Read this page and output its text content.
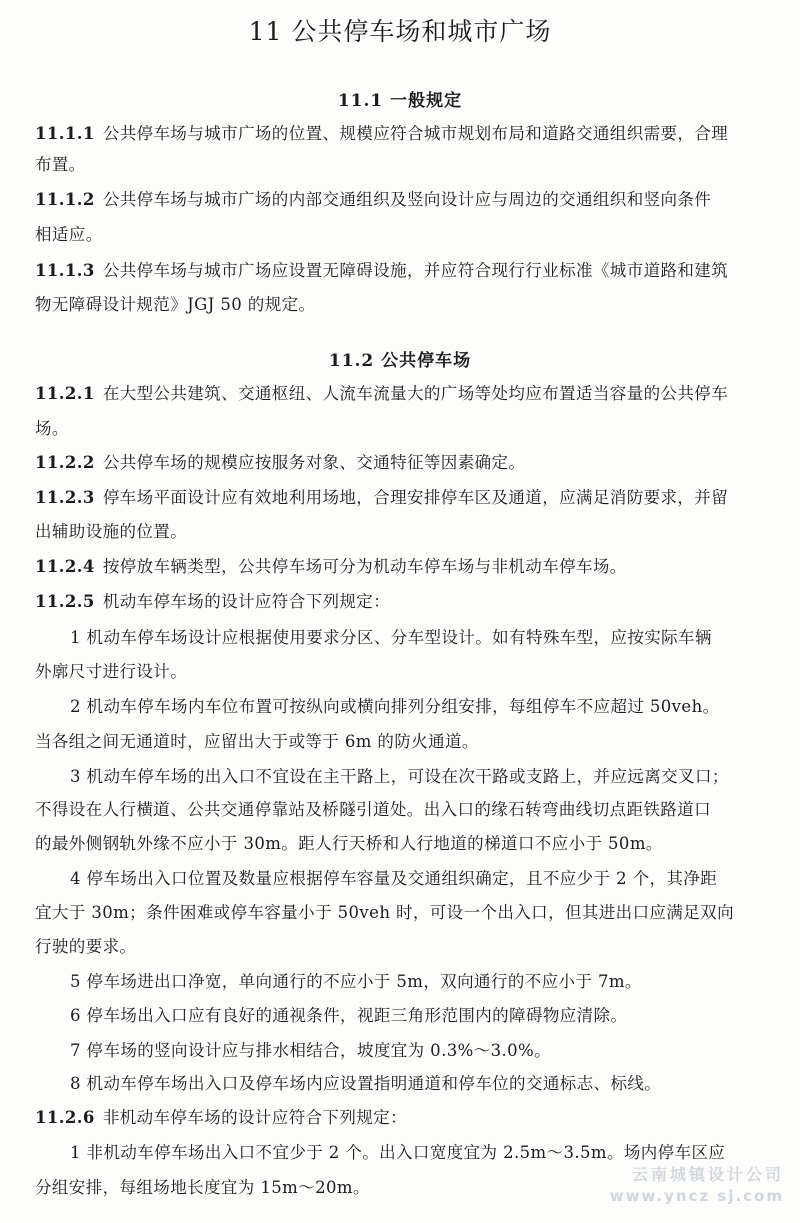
11 公共停车场和城市广场
11.1 一般规定
11.1.1 公共停车场与城市广场的位置、规模应符合城市规划布局和道路交通组织需要，合理
布置。
11.1.2 公共停车场与城市广场的内部交通组织及竖向设计应与周边的交通组织和竖向条件
相适应。
11.1.3 公共停车场与城市广场应设置无障碍设施，并应符合现行行业标准《城市道路和建筑
物无障碍设计规范》JGJ 50 的规定。
11.2 公共停车场
11.2.1 在大型公共建筑、交通枢纽、人流车流量大的广场等处均应布置适当容量的公共停车
场。
11.2.2 公共停车场的规模应按服务对象、交通特征等因素确定。
11.2.3 停车场平面设计应有效地利用场地，合理安排停车区及通道，应满足消防要求，并留
出辅助设施的位置。
11.2.4 按停放车辆类型，公共停车场可分为机动车停车场与非机动车停车场。
11.2.5 机动车停车场的设计应符合下列规定：
1 机动车停车场设计应根据使用要求分区、分车型设计。如有特殊车型，应按实际车辆
外廓尺寸进行设计。
2 机动车停车场内车位布置可按纵向或横向排列分组安排，每组停车不应超过 50veh。
当各组之间无通道时，应留出大于或等于 6m 的防火通道。
3 机动车停车场的出入口不宜设在主干路上，可设在次干路或支路上，并应远离交叉口；
不得设在人行横道、公共交通停靠站及桥隧引道处。出入口的缘石转弯曲线切点距铁路道口
的最外侧钢轨外缘不应小于 30m。距人行天桥和人行地道的梯道口不应小于 50m。
4 停车场出入口位置及数量应根据停车容量及交通组织确定，且不应少于 2 个，其净距
宜大于 30m；条件困难或停车容量小于 50veh 时，可设一个出入口，但其进出口应满足双向
行驶的要求。
5 停车场进出口净宽，单向通行的不应小于 5m，双向通行的不应小于 7m。
6 停车场出入口应有良好的通视条件，视距三角形范围内的障碍物应清除。
7 停车场的竖向设计应与排水相结合，坡度宜为 0.3%～3.0%。
8 机动车停车场出入口及停车场内应设置指明通道和停车位的交通标志、标线。
11.2.6 非机动车停车场的设计应符合下列规定：
1 非机动车停车场出入口不宜少于 2 个。出入口宽度宜为 2.5m～3.5m。场内停车区应
分组安排，每组场地长度宜为 15m～20m。
云南城镇设计公司
www.yncz sj.com
